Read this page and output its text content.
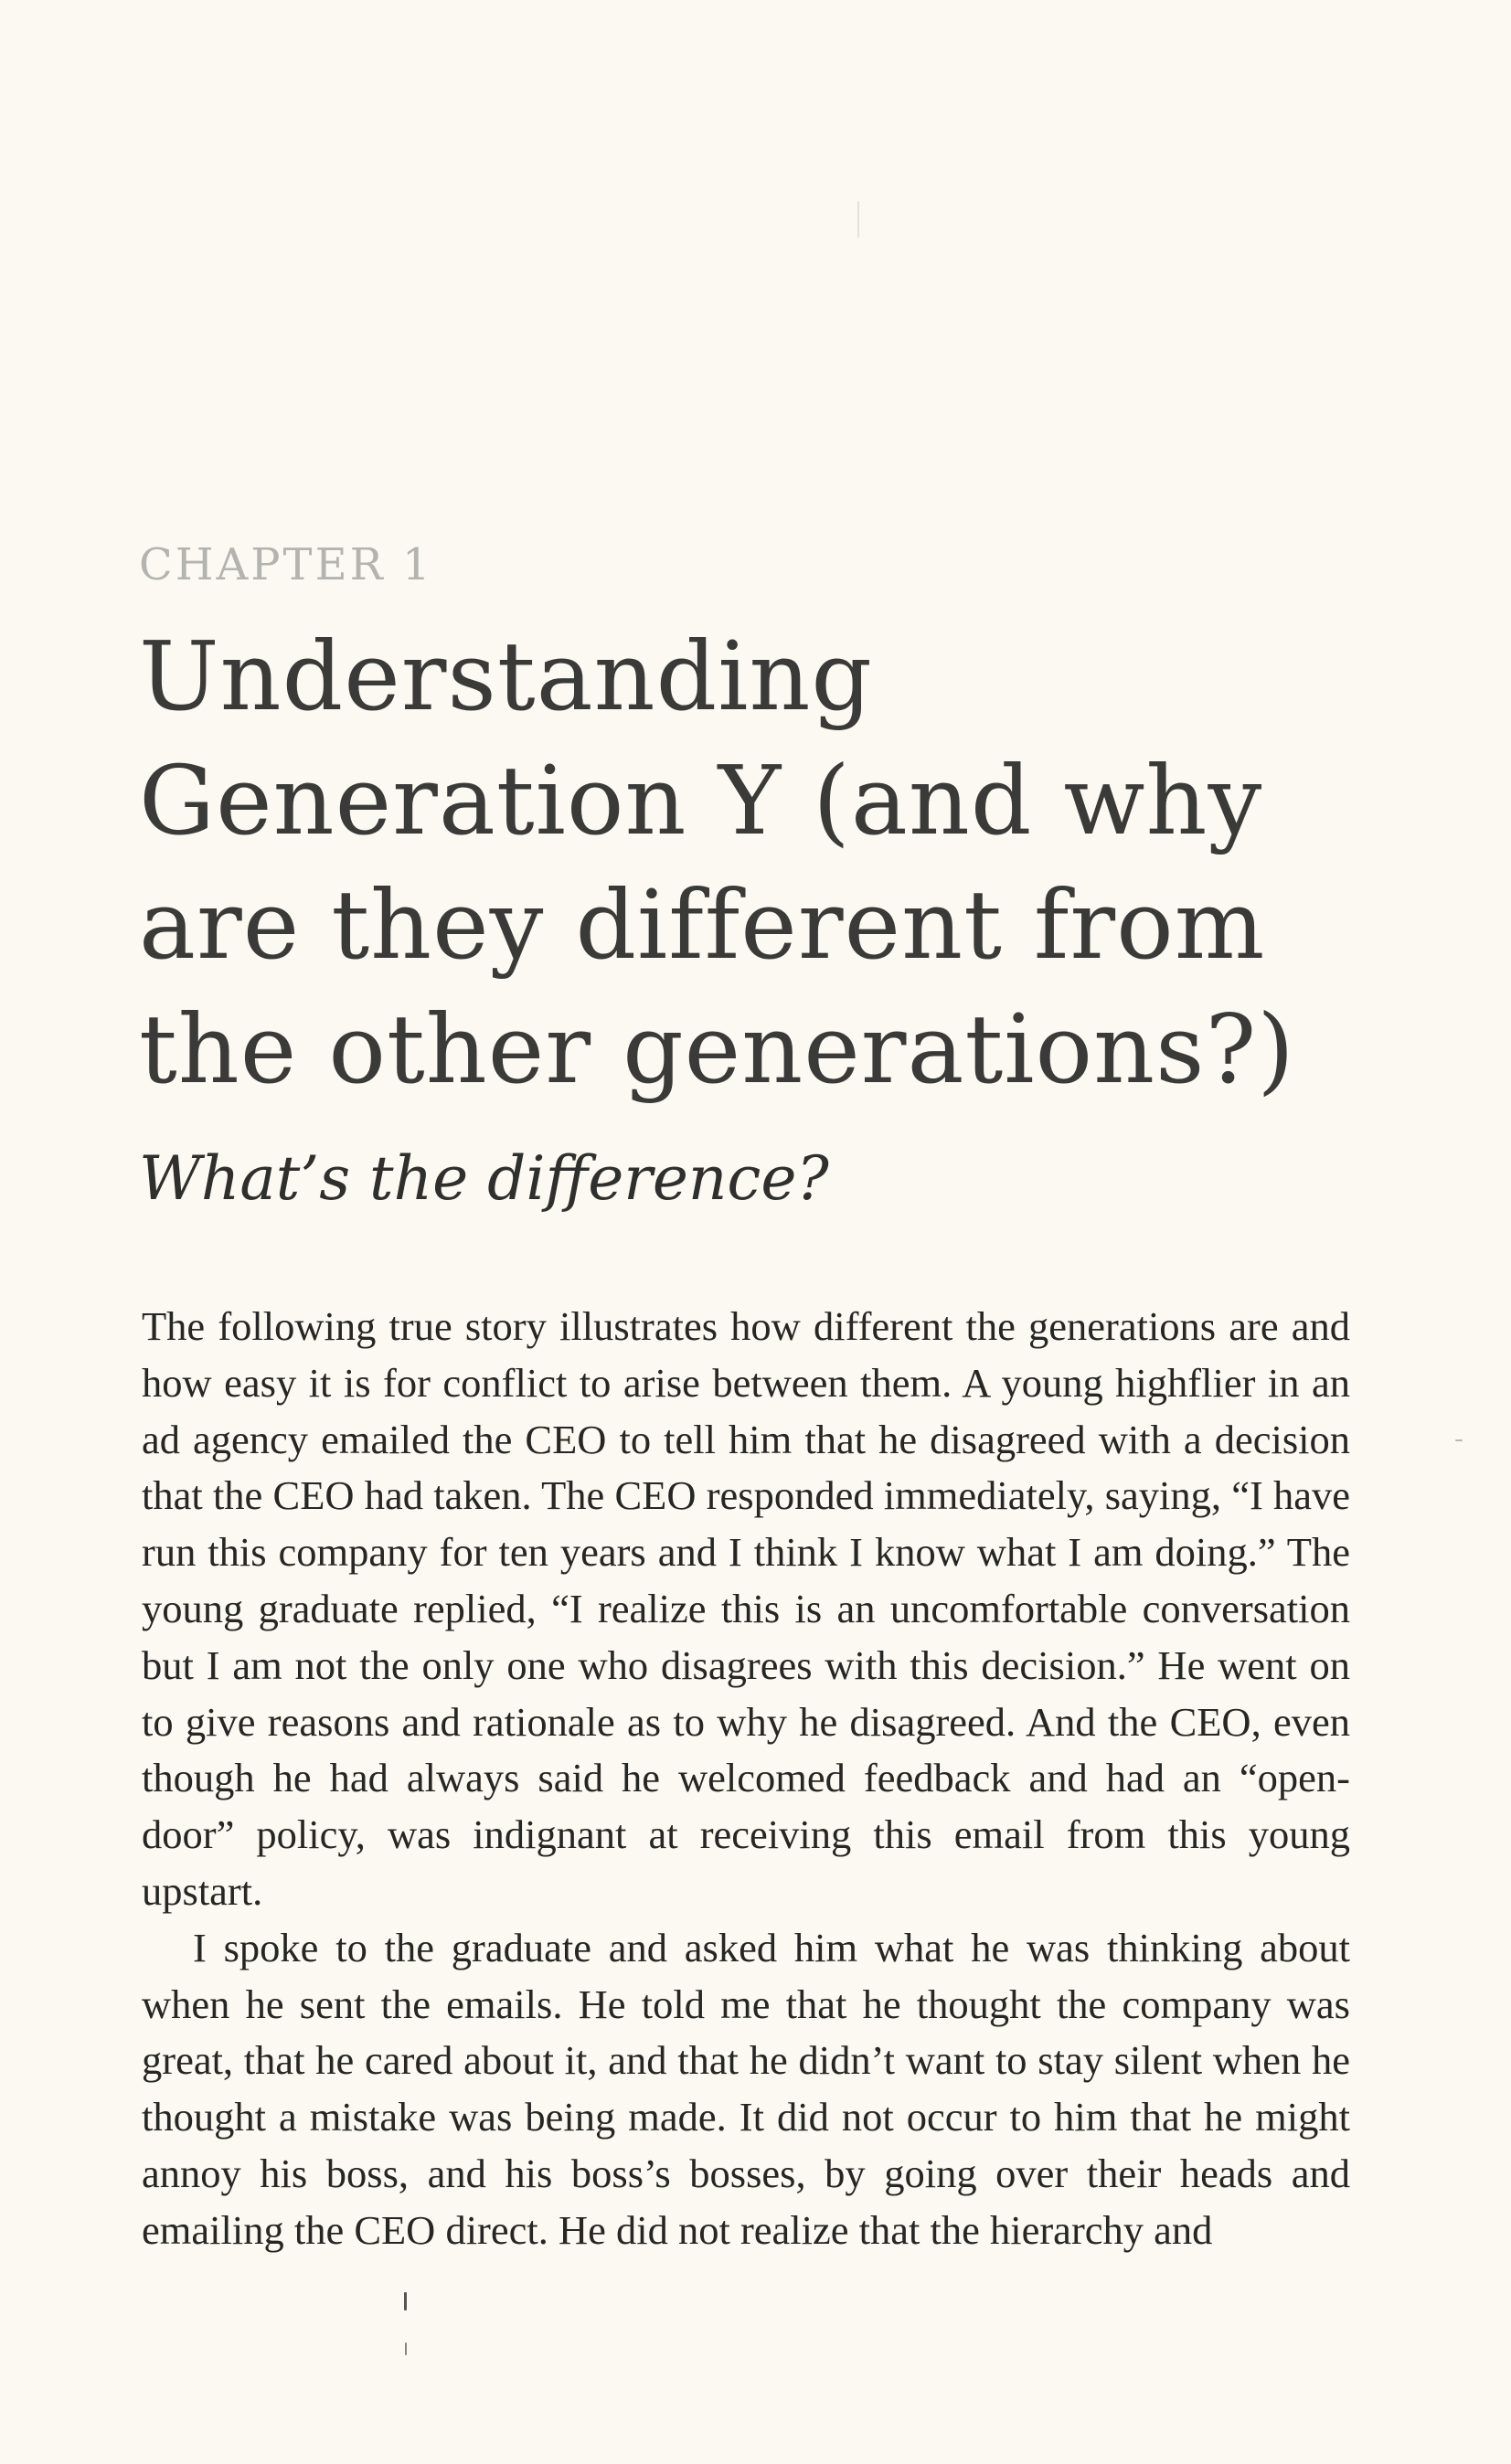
CHAPTER 1
Understanding Generation Y (and why are they different from the other generations?)
What’s the difference?

The following true story illustrates how different the generations are and how easy it is for conflict to arise between them. A young highflier in an ad agency emailed the CEO to tell him that he disagreed with a decision that the CEO had taken. The CEO responded immediately, saying, “I have run this company for ten years and I think I know what I am doing.” The young graduate replied, “I realize this is an uncomfortable conversation but I am not the only one who disagrees with this decision.” He went on to give reasons and rationale as to why he disagreed. And the CEO, even though he had always said he welcomed feedback and had an “open-door” policy, was indignant at receiving this email from this young upstart.

I spoke to the graduate and asked him what he was thinking about when he sent the emails. He told me that he thought the company was great, that he cared about it, and that he didn’t want to stay silent when he thought a mistake was being made. It did not occur to him that he might annoy his boss, and his boss’s bosses, by going over their heads and emailing the CEO direct. He did not realize that the hierarchy and
